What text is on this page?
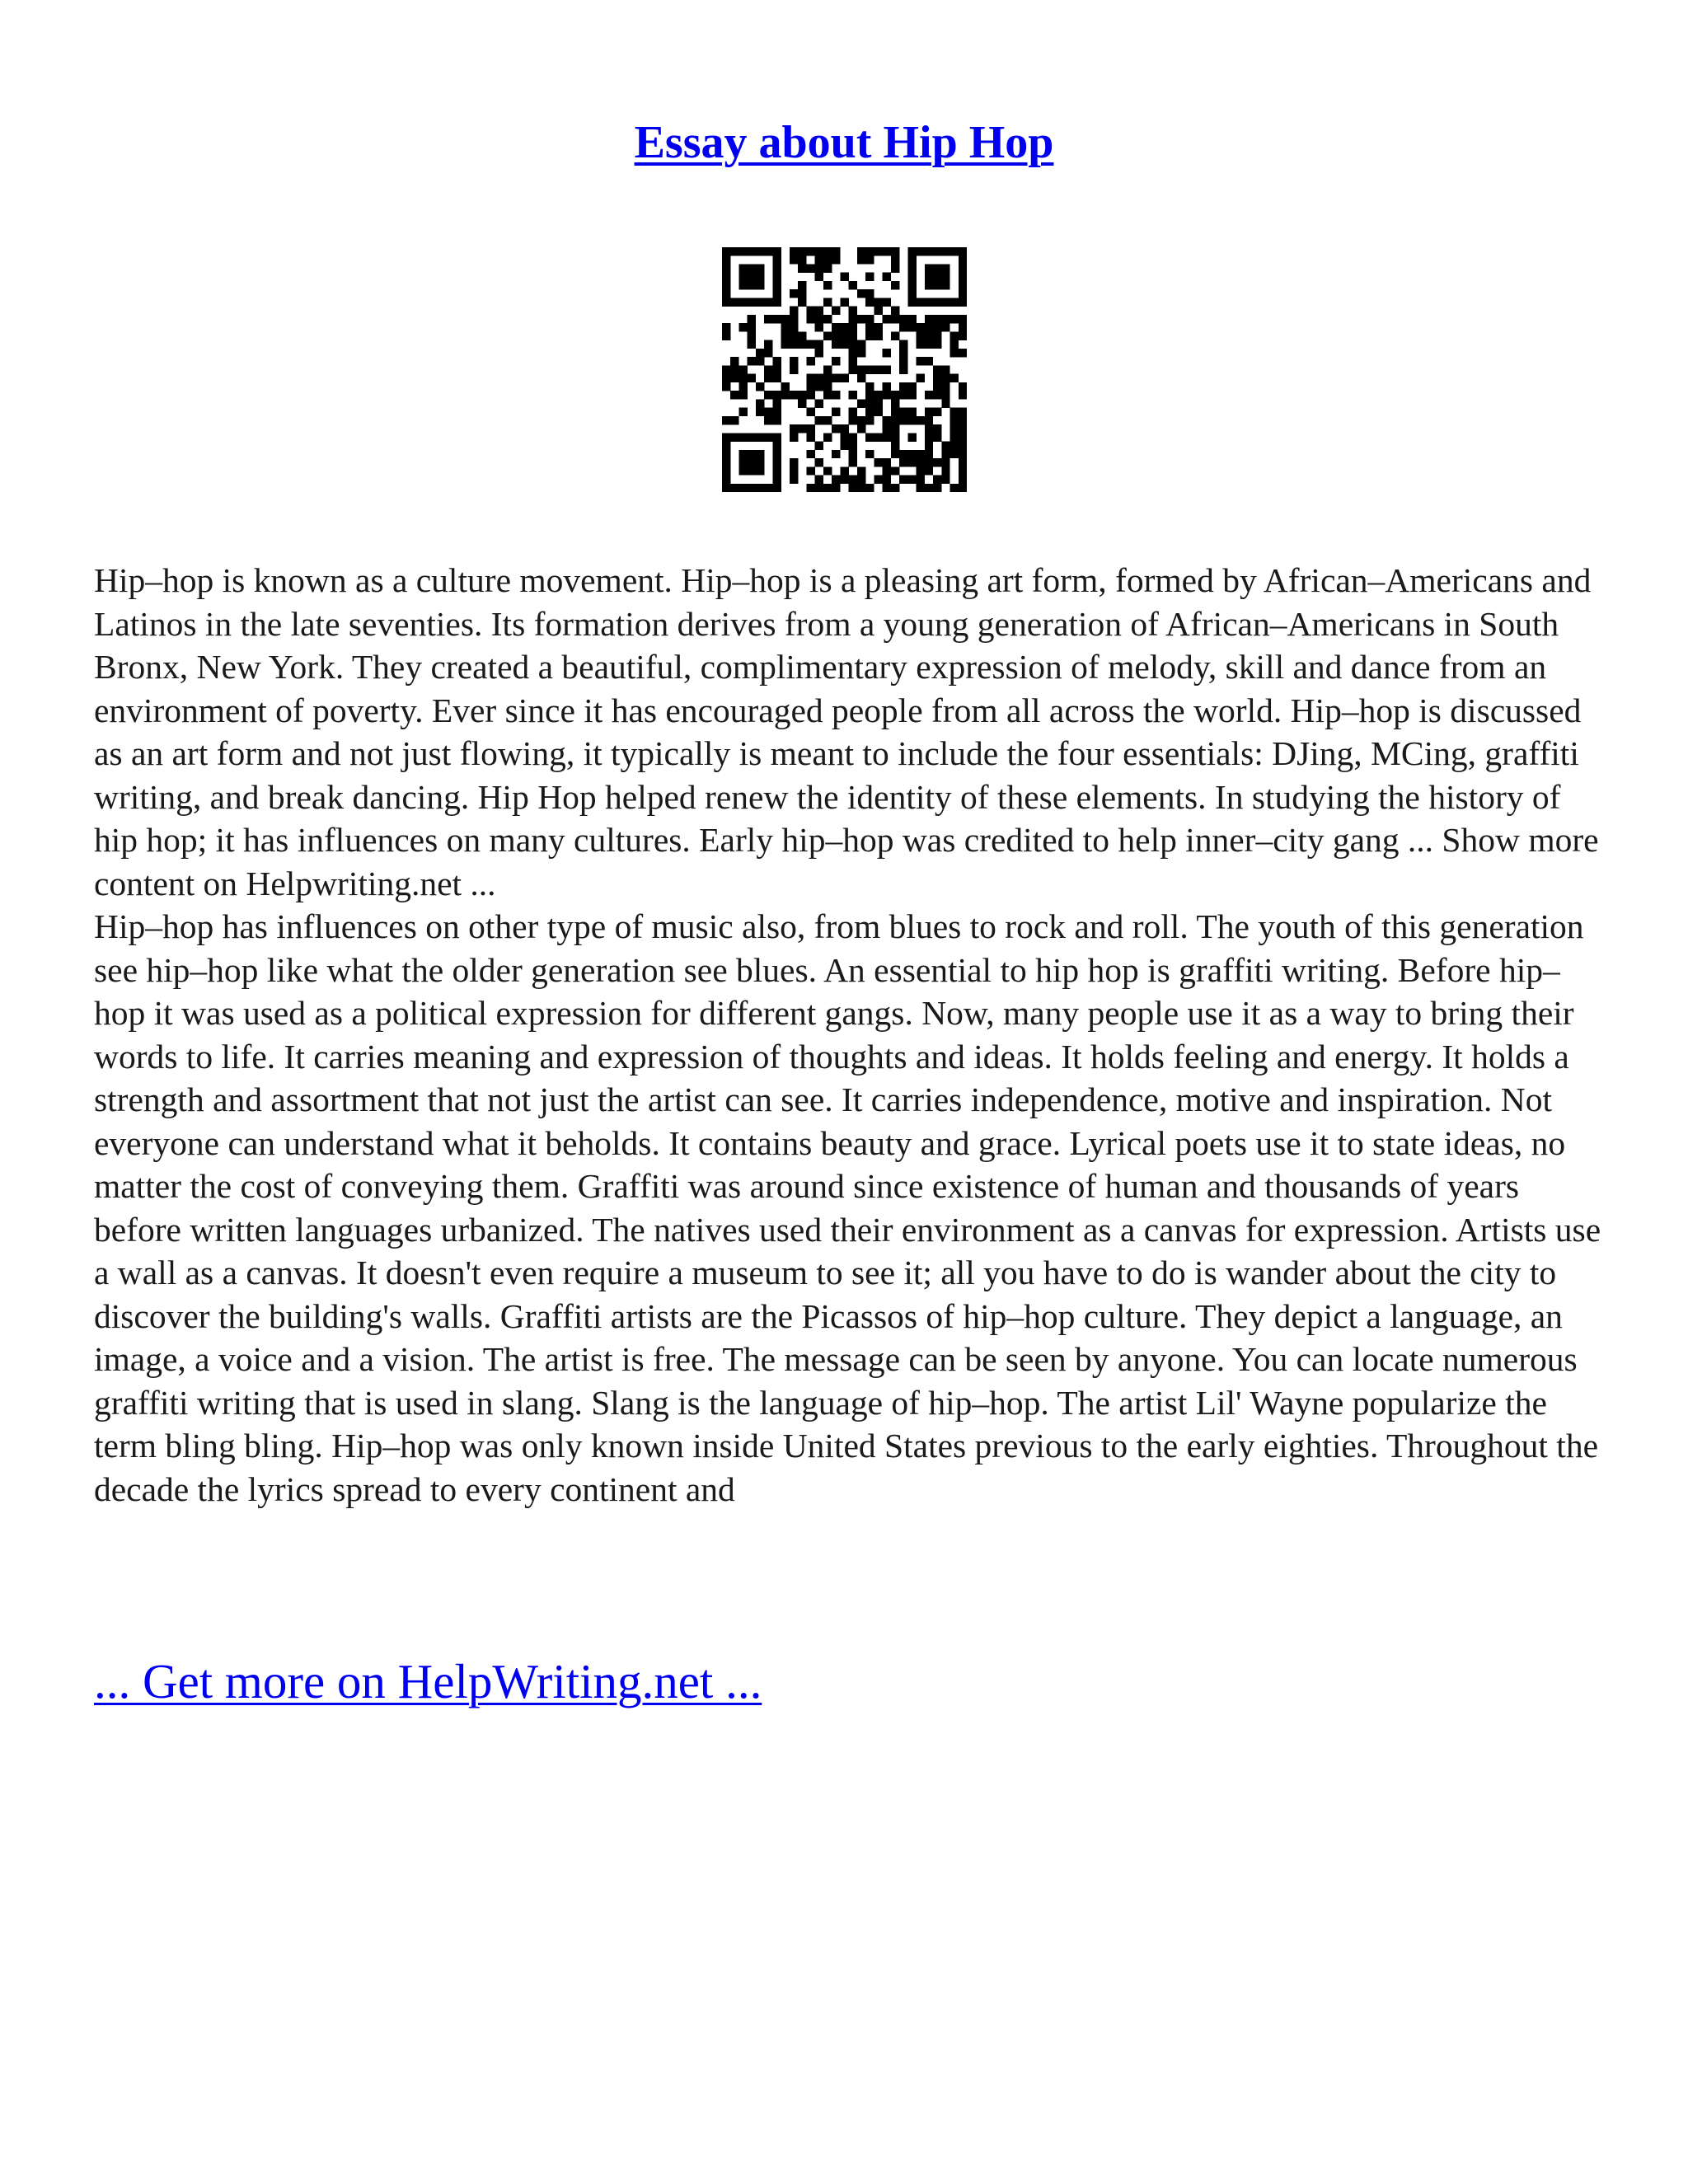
Essay about Hip Hop

Hip–hop is known as a culture movement. Hip–hop is a pleasing art form, formed by African–Americans and Latinos in the late seventies. Its formation derives from a young generation of African–Americans in South Bronx, New York. They created a beautiful, complimentary expression of melody, skill and dance from an environment of poverty. Ever since it has encouraged people from all across the world. Hip–hop is discussed as an art form and not just flowing, it typically is meant to include the four essentials: DJing, MCing, graffiti writing, and break dancing. Hip Hop helped renew the identity of these elements. In studying the history of hip hop; it has influences on many cultures. Early hip–hop was credited to help inner–city gang ... Show more content on Helpwriting.net ...

Hip–hop has influences on other type of music also, from blues to rock and roll. The youth of this generation see hip–hop like what the older generation see blues. An essential to hip hop is graffiti writing. Before hip–hop it was used as a political expression for different gangs. Now, many people use it as a way to bring their words to life. It carries meaning and expression of thoughts and ideas. It holds feeling and energy. It holds a strength and assortment that not just the artist can see. It carries independence, motive and inspiration. Not everyone can understand what it beholds. It contains beauty and grace. Lyrical poets use it to state ideas, no matter the cost of conveying them. Graffiti was around since existence of human and thousands of years before written languages urbanized. The natives used their environment as a canvas for expression. Artists use a wall as a canvas. It doesn't even require a museum to see it; all you have to do is wander about the city to discover the building's walls. Graffiti artists are the Picassos of hip–hop culture. They depict a language, an image, a voice and a vision. The artist is free. The message can be seen by anyone. You can locate numerous graffiti writing that is used in slang. Slang is the language of hip–hop. The artist Lil' Wayne popularize the term bling bling. Hip–hop was only known inside United States previous to the early eighties. Throughout the decade the lyrics spread to every continent and

... Get more on HelpWriting.net ...
